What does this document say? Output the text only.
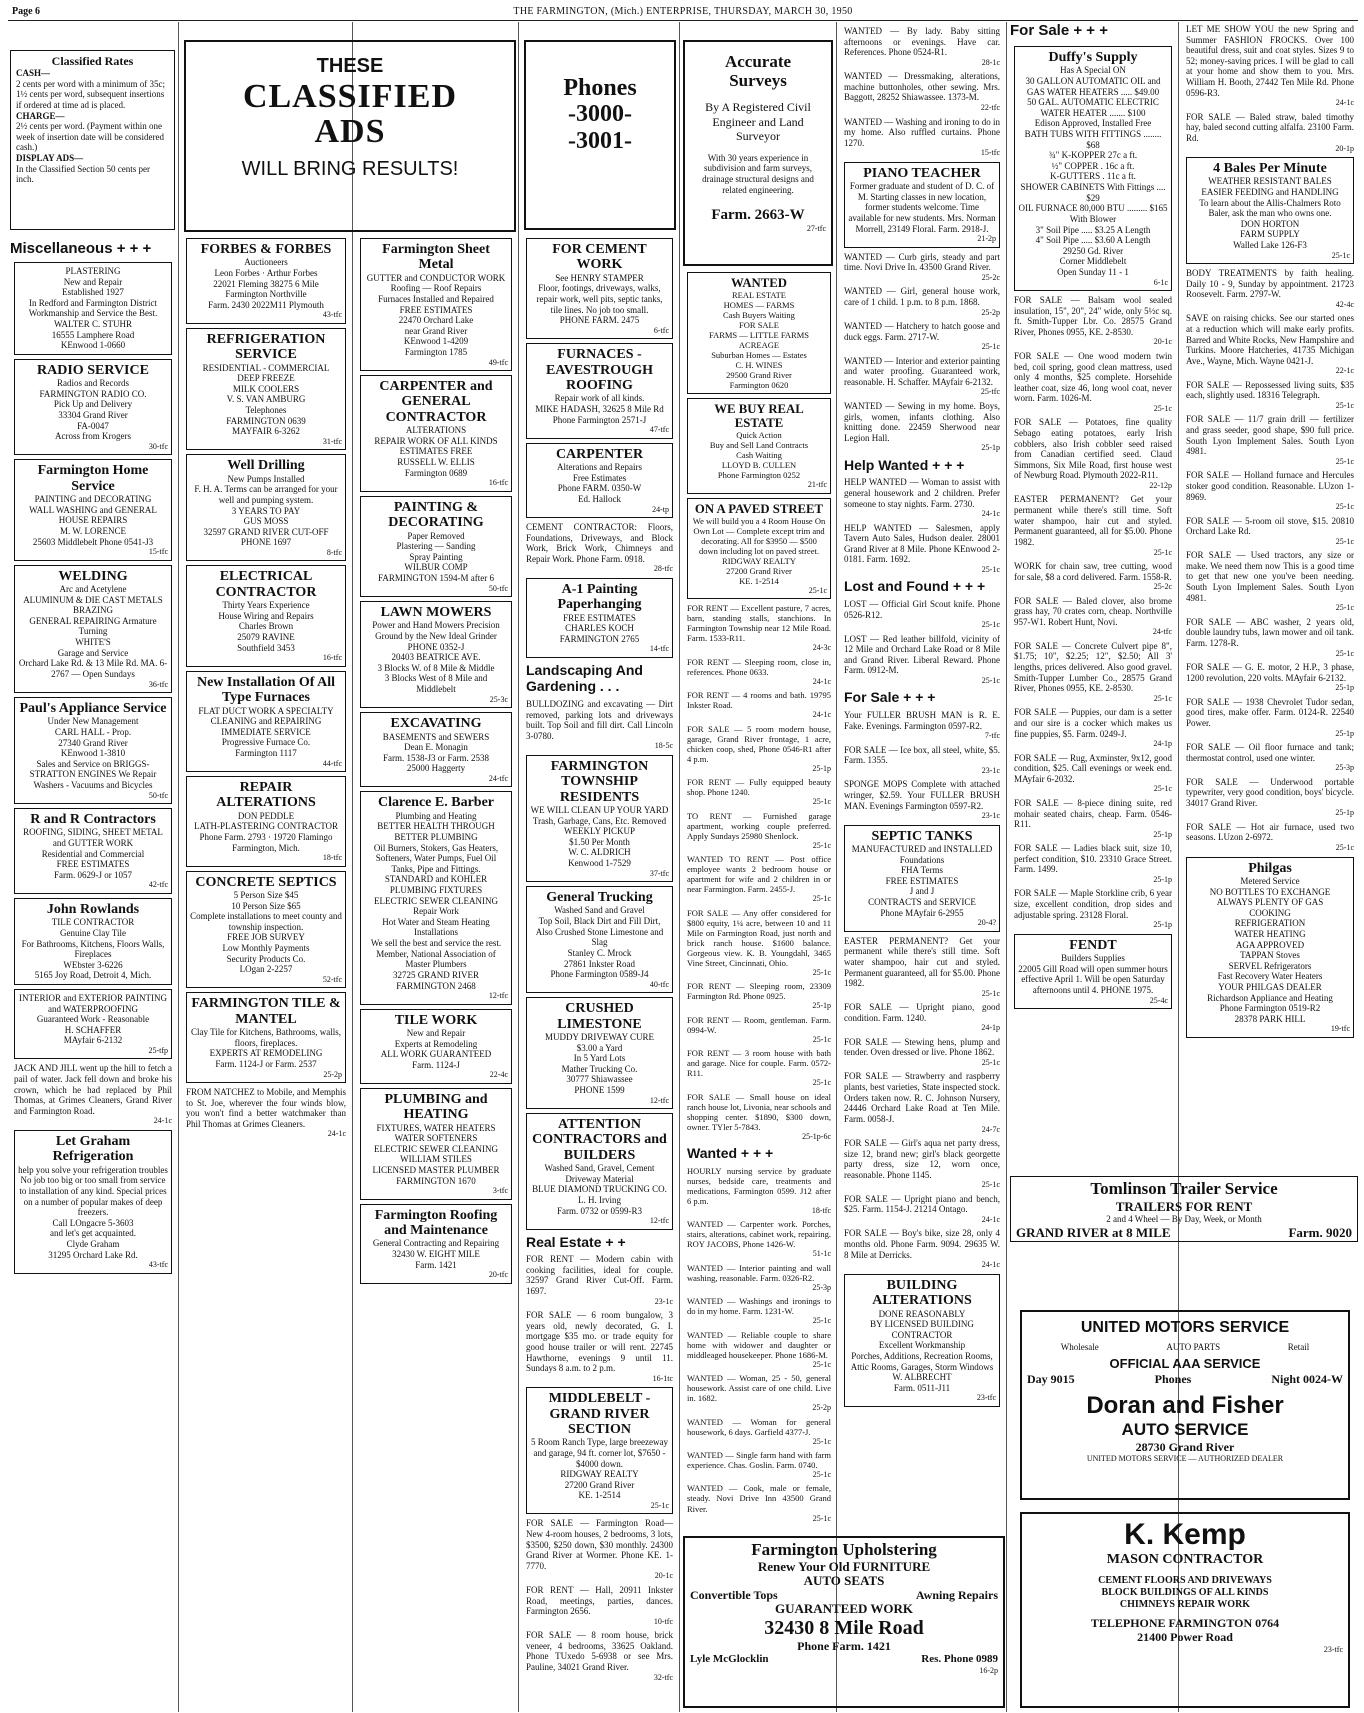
Page 6	THE FARMINGTON, (Mich.) ENTERPRISE, THURSDAY, MARCH 30, 1950
Classified Rates
CASH—
2 cents per word with a minimum of 35c; 1½ cents per word, subsequent insertions if ordered at time ad is placed.
CHARGE—
2½ cents per word. (Payment within one week of insertion date will be considered cash.)
DISPLAY ADS—
In the Classified Section 50 cents per inch.
THESE
CLASSIFIED
ADS
WILL BRING RESULTS!
Phones
-3000-
-3001-
Accurate
Surveys
By A Registered Civil Engineer and Land Surveyor
With 30 years experience in subdivision and farm surveys, drainage structural designs and related engineering.
Farm. 2663-W
27-tfc
Miscellaneous + + +
For Sale + + +
PLASTERING
New and Repair
Established 1927
In Redford and Farmington District Workmanship and Service the Best.
WALTER C. STUHR
16555 Lamphere Road
KEnwood 1-0660
RADIO SERVICE
Radios and Records
FARMINGTON RADIO CO.
Pick Up and Delivery
33304 Grand River
FA-0047
Across from Krogers
30-tfc
Farmington Home Service
PAINTING and DECORATING
WALL WASHING and GENERAL HOUSE REPAIRS
M. W. LORENCE
25603 Middlebelt Phone 0541-J3
15-tfc
WELDING
Arc and Acetylene
ALUMINUM & DIE CAST METALS BRAZING
GENERAL REPAIRING Armature Turning
WHITE'S
Garage and Service
Orchard Lake Rd. & 13 Mile Rd. MA. 6-2767 — Open Sundays
36-tfc
Paul's Appliance Service
Under New Management
CARL HALL - Prop.
27340 Grand River
KEnwood 1-3810
Sales and Service on BRIGGS-STRATTON ENGINES We Repair Washers - Vacuums and Bicycles
50-tfc
R and R Contractors
ROOFING, SIDING, SHEET METAL and GUTTER WORK
Residential and Commercial
FREE ESTIMATES
Farm. 0629-J or 1057
42-tfc
John Rowlands
TILE CONTRACTOR
Genuine Clay Tile
For Bathrooms, Kitchens, Floors Walls, Fireplaces
WEbster 3-6226
5165 Joy Road, Detroit 4, Mich.
INTERIOR and EXTERIOR PAINTING and WATERPROOFING
Guaranteed Work - Reasonable
H. SCHAFFER
MAyfair 6-2132
25-tfp
JACK AND JILL went up the hill to fetch a pail of water. Jack fell down and broke his crown, which he had replaced by Phil Thomas, at Grimes Cleaners, Grand River and Farmington Road.
24-1c
Let Graham Refrigeration
help you solve your refrigeration troubles
No job too big or too small from service to installation of any kind. Special prices on a number of popular makes of deep freezers.
Call LOngacre 5-3603
and let's get acquainted.
Clyde Graham
31295 Orchard Lake Rd.
43-tfc
FORBES & FORBES
Auctioneers
Leon Forbes · Arthur Forbes
22021 Fleming 38275 6 Mile
Farmington Northville
Farm. 2430 2022M11 Plymouth
43-tfc
REFRIGERATION SERVICE
RESIDENTIAL - COMMERCIAL
DEEP FREEZE
MILK COOLERS
V. S. VAN AMBURG
Telephones
FARMINGTON 0639
MAYFAIR 6-3262
31-tfc
Well Drilling
New Pumps Installed
F. H. A. Terms can be arranged for your well and pumping system.
3 YEARS TO PAY
GUS MOSS
32597 GRAND RIVER CUT-OFF
PHONE 1697
8-tfc
ELECTRICAL CONTRACTOR
Thirty Years Experience
House Wiring and Repairs
Charles Brown
25079 RAVINE
Southfield 3453
16-tfc
New Installation Of All Type Furnaces
FLAT DUCT WORK A SPECIALTY
CLEANING and REPAIRING IMMEDIATE SERVICE
Progressive Furnace Co.
Farmington 1117
44-tfc
REPAIR ALTERATIONS
DON PEDDLE
LATH-PLASTERING CONTRACTOR
Phone Farm. 2793 · 19720 Flamingo Farmington, Mich.
18-tfc
CONCRETE SEPTICS
5 Person Size $45
10 Person Size $65
Complete installations to meet county and township inspection.
FREE JOB SURVEY
Low Monthly Payments
Security Products Co.
LOgan 2-2257
52-tfc
FARMINGTON TILE & MANTEL
Clay Tile for Kitchens, Bathrooms, walls, floors, fireplaces.
EXPERTS AT REMODELING
Farm. 1124-J or Farm. 2537
25-2p
FROM NATCHEZ to Mobile, and Memphis to St. Joe, wherever the four winds blow, you won't find a better watchmaker than Phil Thomas at Grimes Cleaners.
24-1c
Farmington Sheet Metal
GUTTER and CONDUCTOR WORK
Roofing — Roof Repairs
Furnaces Installed and Repaired
FREE ESTIMATES
22470 Orchard Lake
near Grand River
KEnwood 1-4209
Farmington 1785
49-tfc
CARPENTER and GENERAL CONTRACTOR
ALTERATIONS
REPAIR WORK OF ALL KINDS
ESTIMATES FREE
RUSSELL W. ELLIS
Farmington 0689
16-tfc
PAINTING & DECORATING
Paper Removed
Plastering — Sanding
Spray Painting
WILBUR COMP
FARMINGTON 1594-M after 6
50-tfc
LAWN MOWERS
Power and Hand Mowers Precision Ground by the New Ideal Grinder
PHONE 0352-J
20403 BEATRICE AVE.
3 Blocks W. of 8 Mile & Middle
3 Blocks West of 8 Mile and Middlebelt
25-3c
EXCAVATING
BASEMENTS and SEWERS
Dean E. Monagin
Farm. 1538-J3 or Farm. 2538
25000 Haggerty
24-tfc
Clarence E. Barber
Plumbing and Heating
BETTER HEALTH THROUGH BETTER PLUMBING
Oil Burners, Stokers, Gas Heaters, Softeners, Water Pumps, Fuel Oil Tanks, Pipe and Fittings.
STANDARD and KOHLER PLUMBING FIXTURES
ELECTRIC SEWER CLEANING
Repair Work
Hot Water and Steam Heating Installations
We sell the best and service the rest.
Member, National Association of Master Plumbers
32725 GRAND RIVER
FARMINGTON 2468
12-tfc
TILE WORK
New and Repair
Experts at Remodeling
ALL WORK GUARANTEED
Farm. 1124-J
22-4c
PLUMBING and HEATING
FIXTURES, WATER HEATERS
WATER SOFTENERS
ELECTRIC SEWER CLEANING
WILLIAM STILES
LICENSED MASTER PLUMBER
FARMINGTON 1670
3-tfc
Farmington Roofing and Maintenance
General Contracting and Repairing
32430 W. EIGHT MILE
Farm. 1421
20-tfc
FOR CEMENT WORK
See HENRY STAMPER
Floor, footings, driveways, walks, repair work, well pits, septic tanks, tile lines. No job too small.
PHONE FARM. 2475
6-tfc
FURNACES - EAVESTROUGH ROOFING
Repair work of all kinds.
MIKE HADASH, 32625 8 Mile Rd
Phone Farmington 2571-J
47-tfc
CARPENTER
Alterations and Repairs
Free Estimates
Phone FARM. 0350-W
Ed. Hallock
24-tp
CEMENT CONTRACTOR: Floors, Foundations, Driveways, and Block Work, Brick Work, Chimneys and Repair Work. Phone Farm. 0918.
28-tfc
A-1 Painting Paperhanging
FREE ESTIMATES
CHARLES KOCH
FARMINGTON 2765
14-tfc
Landscaping And Gardening . . .
BULLDOZING and excavating — Dirt removed, parking lots and driveways built. Top Soil and fill dirt. Call Lincoln 3-0780.
18-5c
FARMINGTON TOWNSHIP RESIDENTS
WE WILL CLEAN UP YOUR YARD
Trash, Garbage, Cans, Etc. Removed
WEEKLY PICKUP
$1.50 Per Month
W. C. ALDRICH
Kenwood 1-7529
37-tfc
General Trucking
Washed Sand and Gravel
Top Soil, Black Dirt and Fill Dirt, Also Crushed Stone Limestone and Slag
Stanley C. Mrock
27861 Inkster Road
Phone Farmington 0589-J4
40-tfc
CRUSHED LIMESTONE
MUDDY DRIVEWAY CURE
$3.00 a Yard
In 5 Yard Lots
Mather Trucking Co.
30777 Shiawassee
PHONE 1599
12-tfc
ATTENTION CONTRACTORS and BUILDERS
Washed Sand, Gravel, Cement Driveway Material
BLUE DIAMOND TRUCKING CO.
L. H. Irving
Farm. 0732 or 0599-R3
12-tfc
Real Estate + +
FOR RENT — Modern cabin with cooking facilities, ideal for couple. 32597 Grand River Cut-Off. Farm. 1697.
23-1c
FOR SALE — 6 room bungalow, 3 years old, newly decorated, G. I. mortgage $35 mo. or trade equity for good house trailer or will rent. 22745 Hawthorne, evenings 9 until 11. Sundays 8 a.m. to 2 p.m.
16-1tc
MIDDLEBELT - GRAND RIVER SECTION
5 Room Ranch Type, large breezeway and garage, 94 ft. corner lot, $7650 - $4000 down.
RIDGWAY REALTY
27200 Grand River
KE. 1-2514
25-1c
FOR SALE — Farmington Road— New 4-room houses, 2 bedrooms, 3 lots, $3500, $250 down, $30 monthly. 24300 Grand River at Wormer. Phone KE. 1-7770.
20-1c
FOR RENT — Hall, 20911 Inkster Road, meetings, parties, dances. Farmington 2656.
10-tfc
FOR SALE — 8 room house, brick veneer, 4 bedrooms, 33625 Oakland. Phone TUxedo 5-6938 or see Mrs. Pauline, 34021 Grand River.
32-tfc
WANTED
REAL ESTATE
HOMES — FARMS
Cash Buyers Waiting
FOR SALE
FARMS — LITTLE FARMS
ACREAGE
Suburban Homes — Estates
C. H. WINES
29500 Grand River
Farmington 0620
WE BUY REAL ESTATE
Quick Action
Buy and Sell Land Contracts
Cash Waiting
LLOYD B. CULLEN
Phone Farmington 0252
21-tfc
ON A PAVED STREET
We will build you a 4 Room House On Own Lot — Complete except trim and decorating. All for $3950 — $500 down including lot on paved street.
RIDGWAY REALTY
27200 Grand River
KE. 1-2514
25-1c
FOR RENT — Excellent pasture, 7 acres, barn, standing stalls, stanchions. In Farmington Township near 12 Mile Road. Farm. 1533-R11.
24-3c
FOR RENT — Sleeping room, close in, references. Phone 0633.
24-1c
FOR RENT — 4 rooms and bath. 19795 Inkster Road.
24-1c
FOR SALE — 5 room modern house, garage, Grand River frontage, 1 acre, chicken coop, shed, Phone 0546-R1 after 4 p.m.
25-1p
FOR RENT — Fully equipped beauty shop. Phone 1240.
25-1c
TO RENT — Furnished garage apartment, working couple preferred. Apply Sundays 25980 Shenlock.
25-1c
WANTED TO RENT — Post office employee wants 2 bedroom house or apartment for wife and 2 children in or near Farmington. Farm. 2455-J.
25-1c
FOR SALE — Any offer considered for $800 equity, 1¼ acre, between 10 and 11 Mile on Farmington Road, just north and brick ranch house. $1600 balance. Gorgeous view. K. B. Youngdahl, 3465 Vine Street, Cincinnati, Ohio.
25-1c
FOR RENT — Sleeping room, 23309 Farmington Rd. Phone 0925.
25-1p
FOR RENT — Room, gentleman. Farm. 0994-W.
25-1c
FOR RENT — 3 room house with bath and garage. Nice for couple. Farm. 0572-R11.
25-1c
FOR SALE — Small house on ideal ranch house lot, Livonia, near schools and shopping center. $1890, $300 down, owner. TYler 5-7843.
25-1p-6c
Wanted + + +
HOURLY nursing service by graduate nurses, bedside care, treatments and medications, Farmington 0599. J12 after 6 p.m.
18-tfc
WANTED — Carpenter work. Porches, stairs, alterations, cabinet work, repairing. ROY JACOBS, Phone 1426-W.
51-1c
WANTED — Interior painting and wall washing, reasonable. Farm. 0326-R2.
25-3p
WANTED — Washings and ironings to do in my home. Farm. 1231-W.
25-1c
WANTED — Reliable couple to share home with widower and daughter or middleaged housekeeper. Phone 1686-M.
25-1c
WANTED — Woman, 25 - 50, general housework. Assist care of one child. Live in. 1682.
25-2p
WANTED — Woman for general housework, 6 days. Garfield 4377-J.
25-1c
WANTED — Single farm hand with farm experience. Chas. Goslin. Farm. 0740.
25-1c
WANTED — Cook, male or female, steady. Novi Drive Inn 43500 Grand River.
25-1c
WANTED — By lady. Baby sitting afternoons or evenings. Have car. References. Phone 0524-R1.
28-1c
WANTED — Dressmaking, alterations, machine buttonholes, other sewing. Mrs. Baggott, 28252 Shiawassee. 1373-M.
22-tfc
WANTED — Washing and ironing to do in my home. Also ruffled curtains. Phone 1270.
15-tfc
PIANO TEACHER
Former graduate and student of D. C. of M. Starting classes in new location, former students welcome. Time available for new students. Mrs. Norman Morrell, 23149 Floral. Farm. 2918-J.
21-2p
WANTED — Curb girls, steady and part time. Novi Drive In. 43500 Grand River.
25-2c
WANTED — Girl, general house work, care of 1 child. 1 p.m. to 8 p.m. 1868.
25-2p
WANTED — Hatchery to hatch goose and duck eggs. Farm. 2717-W.
25-1c
WANTED — Interior and exterior painting and water proofing. Guaranteed work, reasonable. H. Schaffer. MAyfair 6-2132.
25-tfc
WANTED — Sewing in my home. Boys, girls, women, infants clothing. Also knitting done. 22459 Sherwood near Legion Hall.
25-1p
Help Wanted + + +
HELP WANTED — Woman to assist with general housework and 2 children. Prefer someone to stay nights. Farm. 2730.
24-1c
HELP WANTED — Salesmen, apply Tavern Auto Sales, Hudson dealer. 28001 Grand River at 8 Mile. Phone KEnwood 2-0181. Farm. 1692.
25-1c
Lost and Found + + +
LOST — Official Girl Scout knife. Phone 0526-R12.
25-1c
LOST — Red leather billfold, vicinity of 12 Mile and Orchard Lake Road or 8 Mile and Grand River. Liberal Reward. Phone Farm. 0912-M.
25-1c
For Sale + + +
Your FULLER BRUSH MAN is R. E. Fake. Evenings. Farmington 0597-R2.
7-tfc
FOR SALE — Ice box, all steel, white, $5. Farm. 1355.
23-1c
SPONGE MOPS Complete with attached wringer, $2.59. Your FULLER BRUSH MAN. Evenings Farmington 0597-R2.
23-1c
SEPTIC TANKS
MANUFACTURED and INSTALLED
Foundations
FHA Terms
FREE ESTIMATES
J and J
CONTRACTS and SERVICE
Phone MAyfair 6-2955
20-4?
EASTER PERMANENT? Get your permanent while there's still time. Soft water shampoo, hair cut and styled. Permanent guaranteed, all for $5.00. Phone 1982.
25-1c
FOR SALE — Upright piano, good condition. Farm. 1240.
24-1p
FOR SALE — Stewing hens, plump and tender. Oven dressed or live. Phone 1862.
25-1c
FOR SALE — Strawberry and raspberry plants, best varieties, State inspected stock. Orders taken now. R. C. Johnson Nursery, 24446 Orchard Lake Road at Ten Mile. Farm. 0058-J.
24-7c
FOR SALE — Girl's aqua net party dress, size 12, brand new; girl's black georgette party dress, size 12, worn once, reasonable. Phone 1145.
25-1c
FOR SALE — Upright piano and bench, $25. Farm. 1154-J. 21214 Ontago.
24-1c
FOR SALE — Boy's bike, size 28, only 4 months old. Phone Farm. 9094. 29635 W. 8 Mile at Derricks.
24-1c
BUILDING ALTERATIONS
DONE REASONABLY
BY LICENSED BUILDING CONTRACTOR
Excellent Workmanship
Porches, Additions, Recreation Rooms, Attic Rooms, Garages, Storm Windows
W. ALBRECHT
Farm. 0511-J11
23-tfc
Farmington Upholstering
Renew Your Old FURNITURE
AUTO SEATS
Convertible Tops	Awning Repairs
GUARANTEED WORK
32430 8 Mile Road
Phone Farm. 1421
Lyle McGlocklin	Res. Phone 0989
16-2p
Duffy's Supply
Has A Special ON
30 GALLON AUTOMATIC OIL and GAS WATER HEATERS ..... $49.00
50 GAL. AUTOMATIC ELECTRIC WATER HEATER ....... $100
Edison Approved, Installed Free
BATH TUBS WITH FITTINGS ........ $68
¾" K-KOPPER 27c a ft.
½" COPPER . 16c a ft.
K-GUTTERS . 11c a ft.
SHOWER CABINETS With Fittings .... $29
OIL FURNACE 80,000 BTU ......... $165 With Blower
3" Soil Pipe ..... $3.25 A Length
4" Soil Pipe ..... $3.60 A Length
29250 Gd. River
Corner Middlebelt
Open Sunday 11 - 1
6-1c
FOR SALE — Balsam wool sealed insulation, 15", 20", 24" wide, only 5½c sq. ft. Smith-Tupper Lbr. Co. 28575 Grand River, Phones 0955, KE. 2-8530.
20-1c
FOR SALE — One wood modern twin bed, coil spring, good clean mattress, used only 4 months, $25 complete. Horsehide leather coat, size 46, long wool coat, never worn. Farm. 1026-M.
25-1c
FOR SALE — Potatoes, fine quality Sebago eating potatoes, early Irish cobblers, also Irish cobbler seed raised from Canadian certified seed. Claud Simmons, Six Mile Road, first house west of Newburg Road. Plymouth 2022-R11.
22-12p
EASTER PERMANENT? Get your permanent while there's still time. Soft water shampoo, hair cut and styled. Permanent guaranteed, all for $5.00. Phone 1982.
25-1c
WORK for chain saw, tree cutting, wood for sale, $8 a cord delivered. Farm. 1558-R.
25-2c
FOR SALE — Baled clover, also brome grass hay, 70 crates corn, cheap. Northville 957-W1. Robert Hunt, Novi.
24-tfc
FOR SALE — Concrete Culvert pipe 8", $1.75; 10", $2.25; 12", $2.50; All 3' lengths, prices delivered. Also good gravel. Smith-Tupper Lumber Co., 28575 Grand River, Phones 0955, KE. 2-8530.
25-1c
FOR SALE — Puppies, our dam is a setter and our sire is a cocker which makes us fine puppies, $5. Farm. 0249-J.
24-1p
FOR SALE — Rug, Axminster, 9x12, good condition, $25. Call evenings or week end. MAyfair 6-2032.
25-1c
FOR SALE — 8-piece dining suite, red mohair seated chairs, cheap. Farm. 0546-R11.
25-1p
FOR SALE — Ladies black suit, size 10, perfect condition, $10. 23310 Grace Street. Farm. 1499.
25-1p
FOR SALE — Maple Storkline crib, 6 year size, excellent condition, drop sides and adjustable spring. 23128 Floral.
25-1p
FENDT
Builders Supplies
22005 Gill Road will open summer hours effective April 1. Will be open Saturday afternoons until 4. PHONE 1975.
25-4c
LET ME SHOW YOU the new Spring and Summer FASHION FROCKS. Over 100 beautiful dress, suit and coat styles. Sizes 9 to 52; money-saving prices. I will be glad to call at your home and show them to you. Mrs. William H. Booth, 27442 Ten Mile Rd. Phone 0596-R3.
24-1c
FOR SALE — Baled straw, baled timothy hay, baled second cutting alfalfa. 23100 Farm. Rd.
20-1p
4 Bales Per Minute
WEATHER RESISTANT BALES
EASIER FEEDING and HANDLING
To learn about the Allis-Chalmers Roto Baler, ask the man who owns one.
DON HORTON
FARM SUPPLY
Walled Lake 126-F3
25-1c
BODY TREATMENTS by faith healing. Daily 10 - 9, Sunday by appointment. 21723 Roosevelt. Farm. 2797-W.
42-4c
SAVE on raising chicks. See our started ones at a reduction which will make early profits. Barred and White Rocks, New Hampshire and Turkins. Moore Hatcheries, 41735 Michigan Ave., Wayne, Mich. Wayne 0421-J.
22-1c
FOR SALE — Repossessed living suits, $35 each, slightly used. 18316 Telegraph.
25-1c
FOR SALE — 11/7 grain drill — fertilizer and grass seeder, good shape, $90 full price. South Lyon Implement Sales. South Lyon 4981.
25-1c
FOR SALE — Holland furnace and Hercules stoker good condition. Reasonable. LUzon 1-8969.
25-1c
FOR SALE — 5-room oil stove, $15. 20810 Orchard Lake Rd.
25-1c
FOR SALE — Used tractors, any size or make. We need them now This is a good time to get that new one you've been needing. South Lyon Implement Sales. South Lyon 4981.
25-1c
FOR SALE — ABC washer, 2 years old, double laundry tubs, lawn mower and oil tank. Farm. 1278-R.
25-1c
FOR SALE — G. E. motor, 2 H.P., 3 phase, 1200 revolution, 220 volts. MAyfair 6-2132.
25-1p
FOR SALE — 1938 Chevrolet Tudor sedan, good tires, make offer. Farm. 0124-R. 22540 Power.
25-1p
FOR SALE — Oil floor furnace and tank; thermostat control, used one winter.
25-3p
FOR SALE — Underwood portable typewriter, very good condition, boys' bicycle. 34017 Grand River.
25-1p
FOR SALE — Hot air furnace, used two seasons. LUzon 2-6972.
25-1c
Philgas
Metered Service
NO BOTTLES TO EXCHANGE
ALWAYS PLENTY OF GAS
COOKING
REFRIGERATION
WATER HEATING
AGA APPROVED
TAPPAN Stoves
SERVEL Refrigerators
Fast Recovery Water Heaters
YOUR PHILGAS DEALER
Richardson Appliance and Heating
Phone Farmington 0519-R2
28378 PARK HILL
19-tfc
Tomlinson Trailer Service
TRAILERS FOR RENT
2 and 4 Wheel — By Day, Week, or Month
GRAND RIVER at 8 MILE	Farm. 9020
UNITED MOTORS SERVICE
Wholesale	AUTO PARTS	Retail
OFFICIAL AAA SERVICE
Day 9015	Phones	Night 0024-W
Doran and Fisher
AUTO SERVICE
28730 Grand River
UNITED MOTORS SERVICE — AUTHORIZED DEALER
K. Kemp
MASON CONTRACTOR
CEMENT FLOORS AND DRIVEWAYS
BLOCK BUILDINGS OF ALL KINDS
CHIMNEYS REPAIR WORK
TELEPHONE FARMINGTON 0764
21400 Power Road
23-tfc
